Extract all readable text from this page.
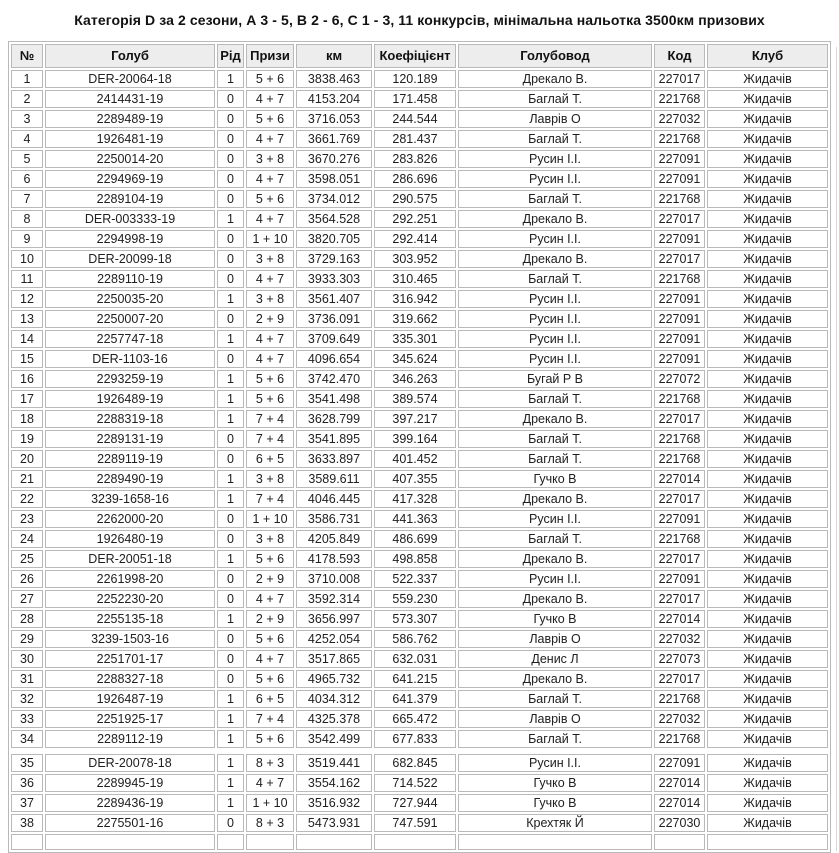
Категорія D за 2 сезони, А 3 - 5, В 2 - 6, С 1 - 3, 11 конкурсів, мінімальна нальотка 3500км призових
№	Голуб	Рід	Призи	км	Коефіцієнт	Голубовод	Код	Клуб
1	DER-20064-18	1	5 + 6	3838.463	120.189	Дрекало В.	227017	Жидачів
2	2414431-19	0	4 + 7	4153.204	171.458	Баглай Т.	221768	Жидачів
3	2289489-19	0	5 + 6	3716.053	244.544	Лаврів О	227032	Жидачів
4	1926481-19	0	4 + 7	3661.769	281.437	Баглай Т.	221768	Жидачів
5	2250014-20	0	3 + 8	3670.276	283.826	Русин І.І.	227091	Жидачів
6	2294969-19	0	4 + 7	3598.051	286.696	Русин І.І.	227091	Жидачів
7	2289104-19	0	5 + 6	3734.012	290.575	Баглай Т.	221768	Жидачів
8	DER-003333-19	1	4 + 7	3564.528	292.251	Дрекало В.	227017	Жидачів
9	2294998-19	0	1 + 10	3820.705	292.414	Русин І.І.	227091	Жидачів
10	DER-20099-18	0	3 + 8	3729.163	303.952	Дрекало В.	227017	Жидачів
11	2289110-19	0	4 + 7	3933.303	310.465	Баглай Т.	221768	Жидачів
12	2250035-20	1	3 + 8	3561.407	316.942	Русин І.І.	227091	Жидачів
13	2250007-20	0	2 + 9	3736.091	319.662	Русин І.І.	227091	Жидачів
14	2257747-18	1	4 + 7	3709.649	335.301	Русин І.І.	227091	Жидачів
15	DER-1103-16	0	4 + 7	4096.654	345.624	Русин І.І.	227091	Жидачів
16	2293259-19	1	5 + 6	3742.470	346.263	Бугай Р В	227072	Жидачів
17	1926489-19	1	5 + 6	3541.498	389.574	Баглай Т.	221768	Жидачів
18	2288319-18	1	7 + 4	3628.799	397.217	Дрекало В.	227017	Жидачів
19	2289131-19	0	7 + 4	3541.895	399.164	Баглай Т.	221768	Жидачів
20	2289119-19	0	6 + 5	3633.897	401.452	Баглай Т.	221768	Жидачів
21	2289490-19	1	3 + 8	3589.611	407.355	Гучко В	227014	Жидачів
22	3239-1658-16	1	7 + 4	4046.445	417.328	Дрекало В.	227017	Жидачів
23	2262000-20	0	1 + 10	3586.731	441.363	Русин І.І.	227091	Жидачів
24	1926480-19	0	3 + 8	4205.849	486.699	Баглай Т.	221768	Жидачів
25	DER-20051-18	1	5 + 6	4178.593	498.858	Дрекало В.	227017	Жидачів
26	2261998-20	0	2 + 9	3710.008	522.337	Русин І.І.	227091	Жидачів
27	2252230-20	0	4 + 7	3592.314	559.230	Дрекало В.	227017	Жидачів
28	2255135-18	1	2 + 9	3656.997	573.307	Гучко В	227014	Жидачів
29	3239-1503-16	0	5 + 6	4252.054	586.762	Лаврів О	227032	Жидачів
30	2251701-17	0	4 + 7	3517.865	632.031	Денис Л	227073	Жидачів
31	2288327-18	0	5 + 6	4965.732	641.215	Дрекало В.	227017	Жидачів
32	1926487-19	1	6 + 5	4034.312	641.379	Баглай Т.	221768	Жидачів
33	2251925-17	1	7 + 4	4325.378	665.472	Лаврів О	227032	Жидачів
34	2289112-19	1	5 + 6	3542.499	677.833	Баглай Т.	221768	Жидачів

35	DER-20078-18	1	8 + 3	3519.441	682.845	Русин І.І.	227091	Жидачів
36	2289945-19	1	4 + 7	3554.162	714.522	Гучко В	227014	Жидачів
37	2289436-19	1	1 + 10	3516.932	727.944	Гучко В	227014	Жидачів
38	2275501-16	0	8 + 3	5473.931	747.591	Крехтяк Й	227030	Жидачів
